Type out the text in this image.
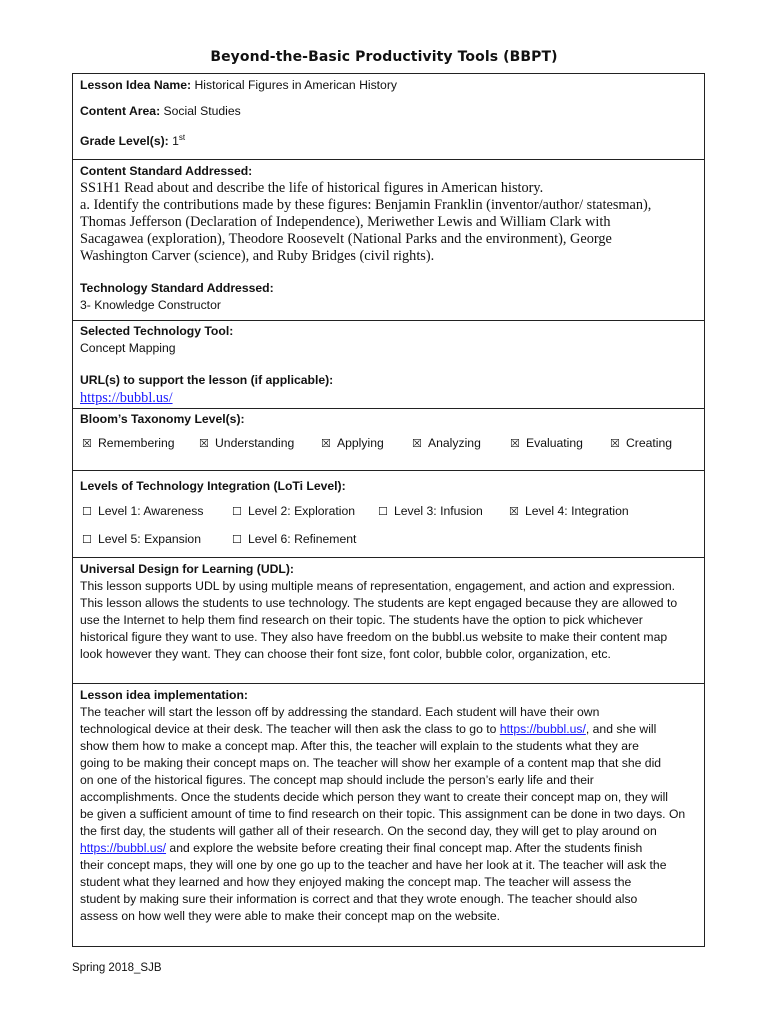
Beyond-the-Basic Productivity Tools (BBPT)
Lesson Idea Name: Historical Figures in American History
Content Area: Social Studies
Grade Level(s): 1st
Content Standard Addressed:
SS1H1 Read about and describe the life of historical figures in American history.
a. Identify the contributions made by these figures: Benjamin Franklin (inventor/author/ statesman),
Thomas Jefferson (Declaration of Independence), Meriwether Lewis and William Clark with
Sacagawea (exploration), Theodore Roosevelt (National Parks and the environment), George
Washington Carver (science), and Ruby Bridges (civil rights).
Technology Standard Addressed:
3- Knowledge Constructor
Selected Technology Tool:
Concept Mapping
URL(s) to support the lesson (if applicable):
https://bubbl.us/
Bloom’s Taxonomy Level(s):
☒ Remembering ☒ Understanding ☒ Applying	☒ Analyzing	☒ Evaluating ☒ Creating
Levels of Technology Integration (LoTi Level):
☐ Level 1: Awareness	☐ Level 2: Exploration ☐ Level 3: Infusion ☒ Level 4: Integration
☐ Level 5: Expansion	☐ Level 6: Refinement
Universal Design for Learning (UDL):
This lesson supports UDL by using multiple means of representation, engagement, and action and expression.
This lesson allows the students to use technology. The students are kept engaged because they are allowed to
use the Internet to help them find research on their topic. The students have the option to pick whichever
historical figure they want to use. They also have freedom on the bubbl.us website to make their content map
look however they want. They can choose their font size, font color, bubble color, organization, etc.
Lesson idea implementation:
The teacher will start the lesson off by addressing the standard. Each student will have their own
technological device at their desk. The teacher will then ask the class to go to https://bubbl.us/, and she will
show them how to make a concept map. After this, the teacher will explain to the students what they are
going to be making their concept maps on. The teacher will show her example of a content map that she did
on one of the historical figures. The concept map should include the person’s early life and their
accomplishments. Once the students decide which person they want to create their concept map on, they will
be given a sufficient amount of time to find research on their topic. This assignment can be done in two days. On
the first day, the students will gather all of their research. On the second day, they will get to play around on
https://bubbl.us/ and explore the website before creating their final concept map. After the students finish
their concept maps, they will one by one go up to the teacher and have her look at it. The teacher will ask the
student what they learned and how they enjoyed making the concept map. The teacher will assess the
student by making sure their information is correct and that they wrote enough. The teacher should also
assess on how well they were able to make their concept map on the website.
Spring 2018_SJB
